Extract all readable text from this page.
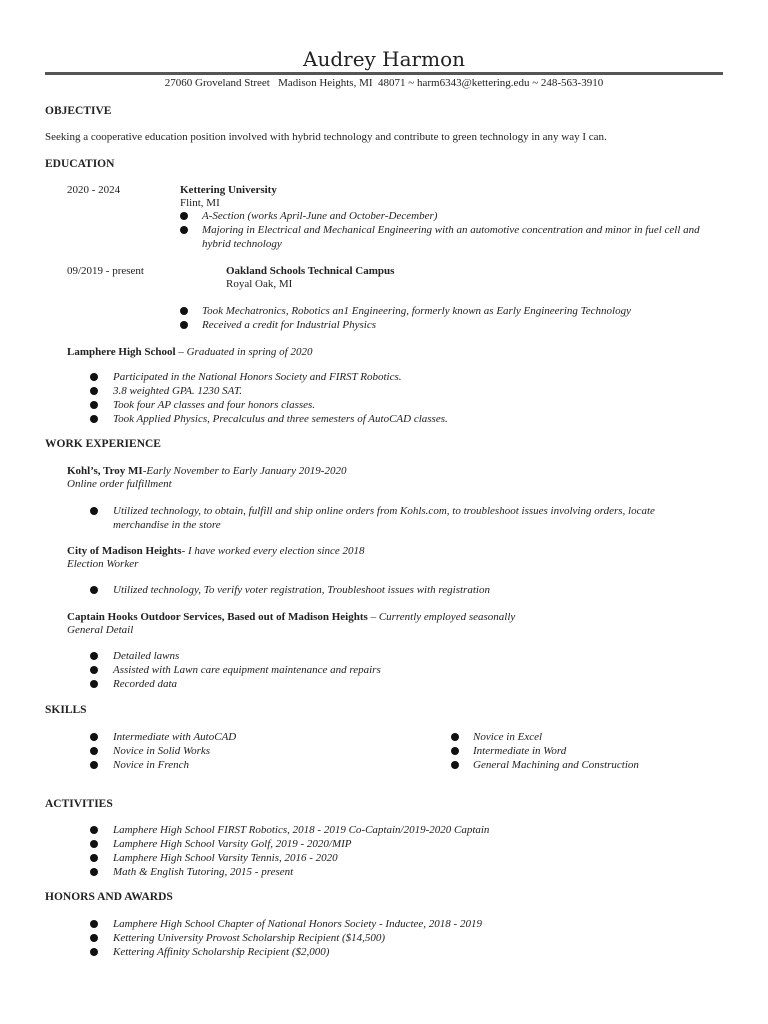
Audrey Harmon
27060 Groveland Street   Madison Heights, MI  48071 ~ harm6343@kettering.edu ~ 248-563-3910
OBJECTIVE
Seeking a cooperative education position involved with hybrid technology and contribute to green technology in any way I can.
EDUCATION
2020 - 2024	Kettering University
Flint, MI
A-Section (works April-June and October-December)
Majoring in Electrical and Mechanical Engineering with an automotive concentration and minor in fuel cell and hybrid technology
09/2019 - present	Oakland Schools Technical Campus
Royal Oak, MI
Took Mechatronics, Robotics an1 Engineering, formerly known as Early Engineering Technology
Received a credit for Industrial Physics
Lamphere High School – Graduated in spring of 2020
Participated in the National Honors Society and FIRST Robotics.
3.8 weighted GPA. 1230 SAT.
Took four AP classes and four honors classes.
Took Applied Physics, Precalculus and three semesters of AutoCAD classes.
WORK EXPERIENCE
Kohl’s, Troy MI-Early November to Early January 2019-2020
Online order fulfillment
Utilized technology, to obtain, fulfill and ship online orders from Kohls.com, to troubleshoot issues involving orders, locate merchandise in the store
City of Madison Heights- I have worked every election since 2018
Election Worker
Utilized technology, To verify voter registration, Troubleshoot issues with registration
Captain Hooks Outdoor Services, Based out of Madison Heights – Currently employed seasonally
General Detail
Detailed lawns
Assisted with Lawn care equipment maintenance and repairs
Recorded data
SKILLS
Intermediate with AutoCAD
Novice in Solid Works
Novice in French
Novice in Excel
Intermediate in Word
General Machining and Construction
ACTIVITIES
Lamphere High School FIRST Robotics, 2018 - 2019 Co-Captain/2019-2020 Captain
Lamphere High School Varsity Golf, 2019 - 2020/MIP
Lamphere High School Varsity Tennis, 2016 - 2020
Math & English Tutoring, 2015 - present
HONORS AND AWARDS
Lamphere High School Chapter of National Honors Society - Inductee, 2018 - 2019
Kettering University Provost Scholarship Recipient ($14,500)
Kettering Affinity Scholarship Recipient ($2,000)
